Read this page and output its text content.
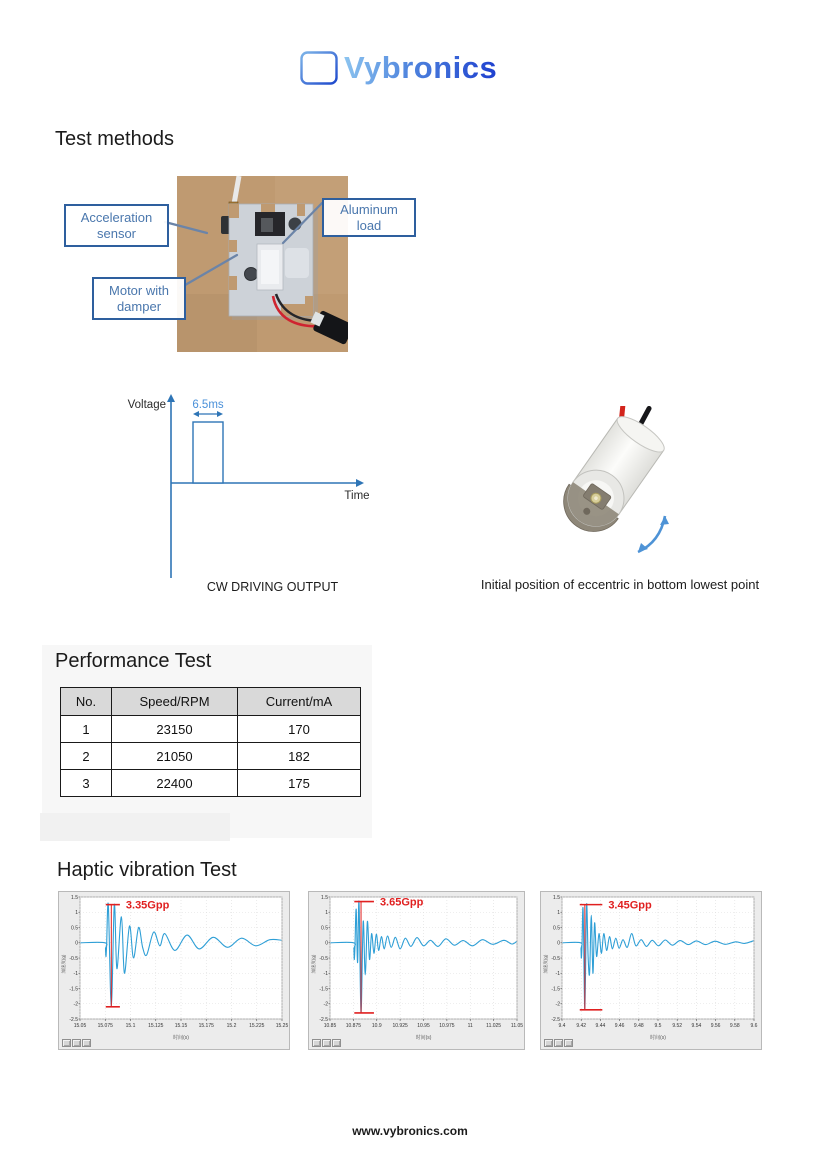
Vybronics
Test methods
Acceleration
sensor
Aluminum
load
Motor with
damper
6.5ms
Voltage
Time
CW DRIVING OUTPUT	Initial position of eccentric in bottom lowest point
Performance Test
No.	Speed/RPM	Current/mA
1	23150	170
2	21050	182
3	22400	175
Haptic vibration Test
1.5
1
0.5
0
-0.5
-1
-1.5
-2
-2.5
15.05 15.075	15.1	15.125 15.15 15.175	15.2	15.225 15.25
时间(s)
加速度(g)
3.35Gpp
1.5
1
0.5
0
-0.5
-1
-1.5
-2
-2.5
10.85 10.875 10.9 10.925 10.95 10.975	11	11.025 11.05
时间(s)
加速度(g)
3.65Gpp	1.5
1
0.5
0
-0.5
-1
-1.5
-2
-2.5
9.4 9.42 9.44 9.46 9.48 9.5 9.52 9.54 9.56 9.58 9.6
时间(s)
加速度(g)
3.45Gpp
www.vybronics.com
